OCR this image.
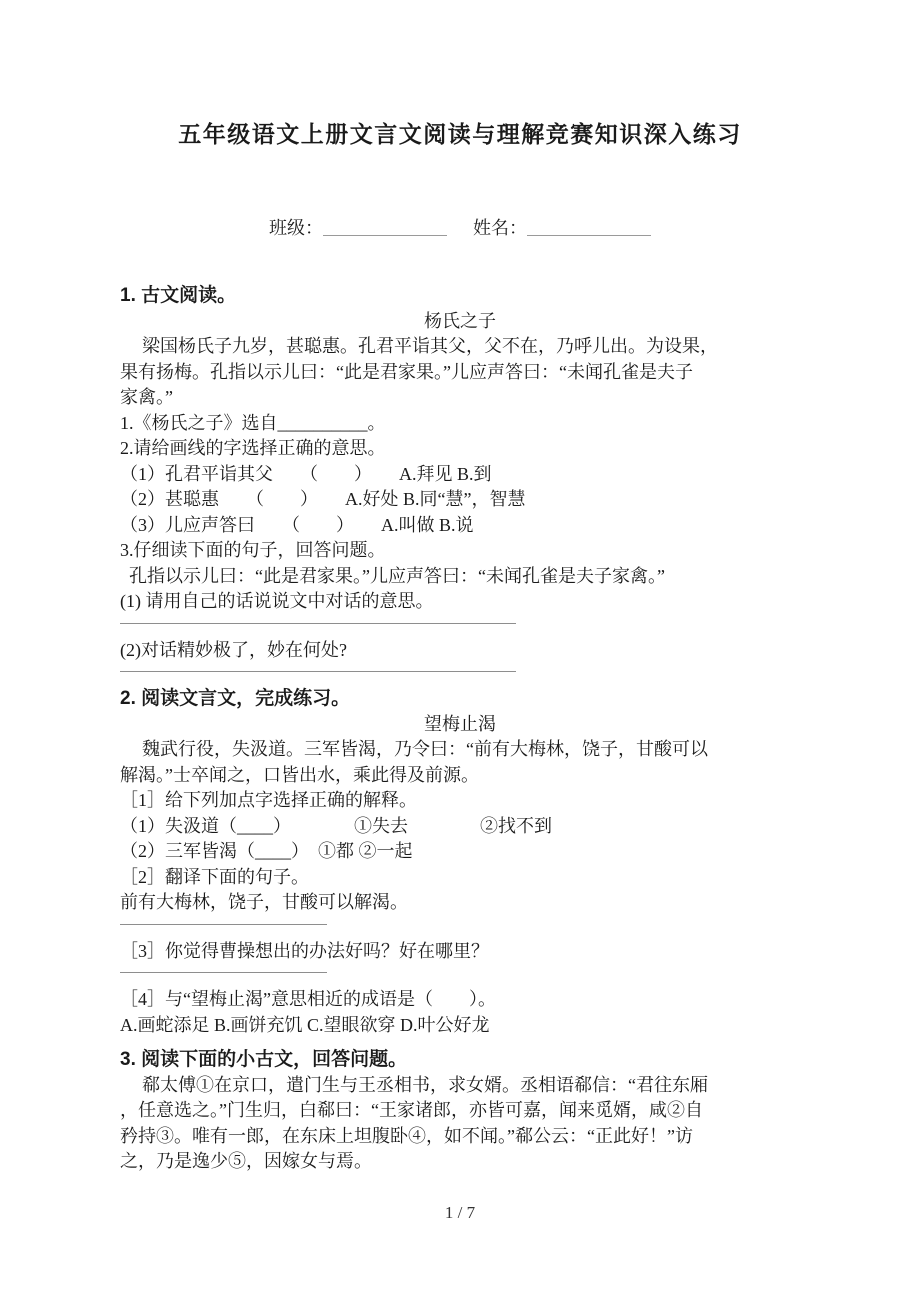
五年级语文上册文言文阅读与理解竞赛知识深入练习
班级：	姓名：
1. 古文阅读。
杨氏之子
梁国杨氏子九岁，甚聪惠。孔君平诣其父，父不在，乃呼儿出。为设果，
果有扬梅。孔指以示儿曰：“此是君家果。”儿应声答曰：“未闻孔雀是夫子
家禽。”
1.《杨氏之子》选自__________。
2.请给画线的字选择正确的意思。
（1）孔君平诣其父　　（　　）　　A.拜见 B.到
（2）甚聪惠　　（　　）　　A.好处 B.同“慧”，智慧
（3）儿应声答曰　　（　　）　　A.叫做 B.说
3.仔细读下面的句子，回答问题。
孔指以示儿曰：“此是君家果。”儿应声答曰：“未闻孔雀是夫子家禽。”
(1) 请用自己的话说说文中对话的意思。
(2)对话精妙极了，妙在何处?
2. 阅读文言文，完成练习。
望梅止渴
魏武行役，失汲道。三军皆渴，乃令曰：“前有大梅林，饶子，甘酸可以
解渴。”士卒闻之，口皆出水，乘此得及前源。
［1］给下列加点字选择正确的解释。
（1）失汲道（____）　　　　①失去　　　　②找不到
（2）三军皆渴（____）　①都 ②一起
［2］翻译下面的句子。
前有大梅林，饶子，甘酸可以解渴。
［3］你觉得曹操想出的办法好吗？好在哪里？
［4］与“望梅止渴”意思相近的成语是（　　）。
A.画蛇添足 B.画饼充饥 C.望眼欲穿 D.叶公好龙
3. 阅读下面的小古文，回答问题。
郗太傅①在京口，遣门生与王丞相书，求女婿。丞相语郗信：“君往东厢
，任意选之。”门生归，白郗曰：“王家诸郎，亦皆可嘉，闻来觅婿，咸②自
矜持③。唯有一郎，在东床上坦腹卧④，如不闻。”郗公云：“正此好！”访
之，乃是逸少⑤，因嫁女与焉。
1 / 7
